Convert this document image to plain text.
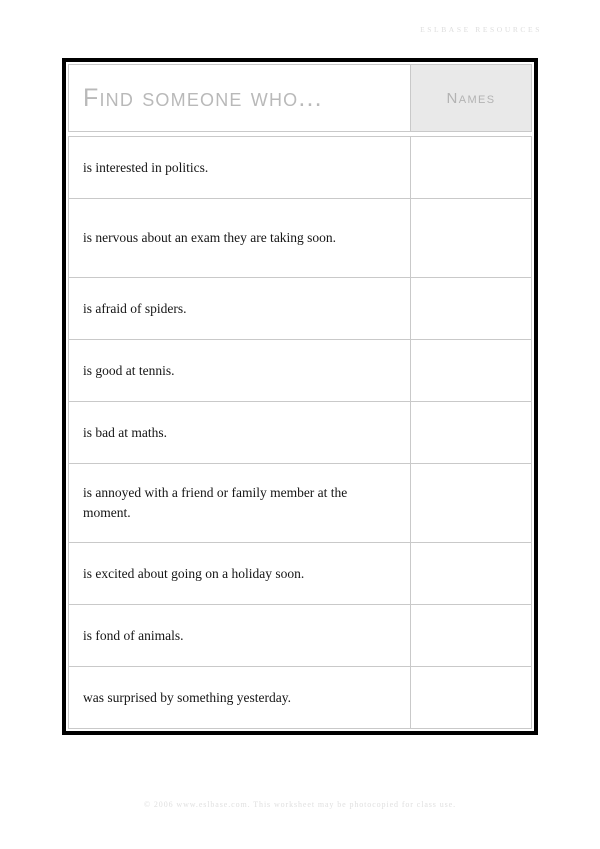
ESLBASE RESOURCES
Find someone who...	Names
is interested in politics.
is nervous about an exam they are taking soon.
is afraid of spiders.
is good at tennis.
is bad at maths.
is annoyed with a friend or family member at the moment.
is excited about going on a holiday soon.
is fond of animals.
was surprised by something yesterday.
© 2006 www.eslbase.com. This worksheet may be photocopied for class use.
